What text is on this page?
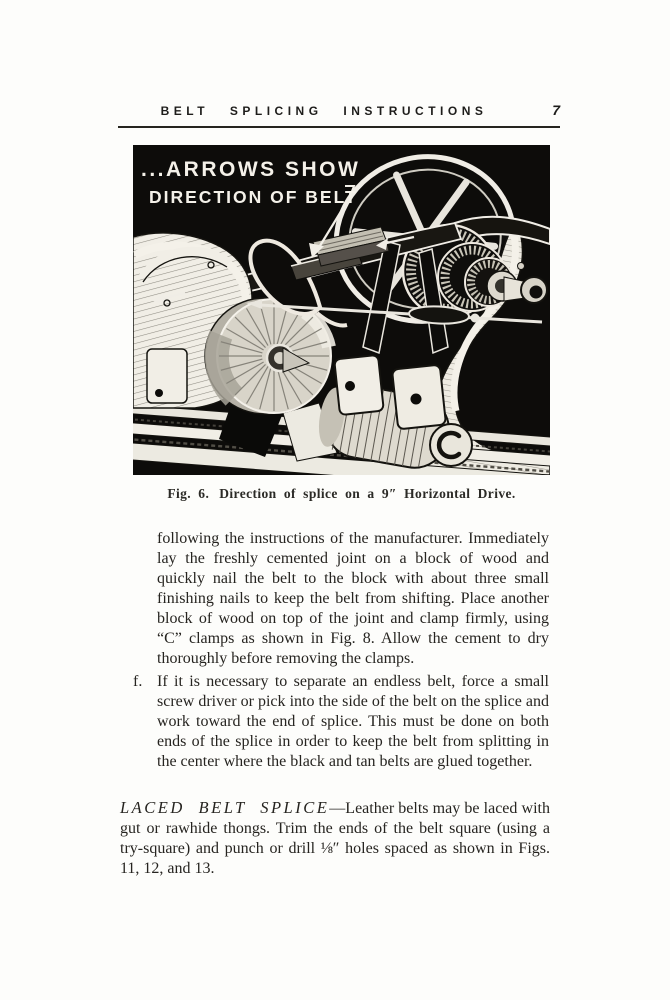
BELT SPLICING INSTRUCTIONS	7
...ARROWS SHOW
DIRECTION OF BELT
Fig. 6. Direction of splice on a 9″ Horizontal Drive.
following the instructions of the manufacturer. Immediately lay the freshly cemented joint on a block of wood and quickly nail the belt to the block with about three small finishing nails to keep the belt from shifting. Place another block of wood on top of the joint and clamp firmly, using “C” clamps as shown in Fig. 8. Allow the cement to dry thoroughly before removing the clamps.
f. If it is necessary to separate an endless belt, force a small screw driver or pick into the side of the belt on the splice and work toward the end of splice. This must be done on both ends of the splice in order to keep the belt from splitting in the center where the black and tan belts are glued together.
LACED BELT SPLICE—Leather belts may be laced with gut or rawhide thongs. Trim the ends of the belt square (using a try-square) and punch or drill ⅛″ holes spaced as shown in Figs. 11, 12, and 13.
